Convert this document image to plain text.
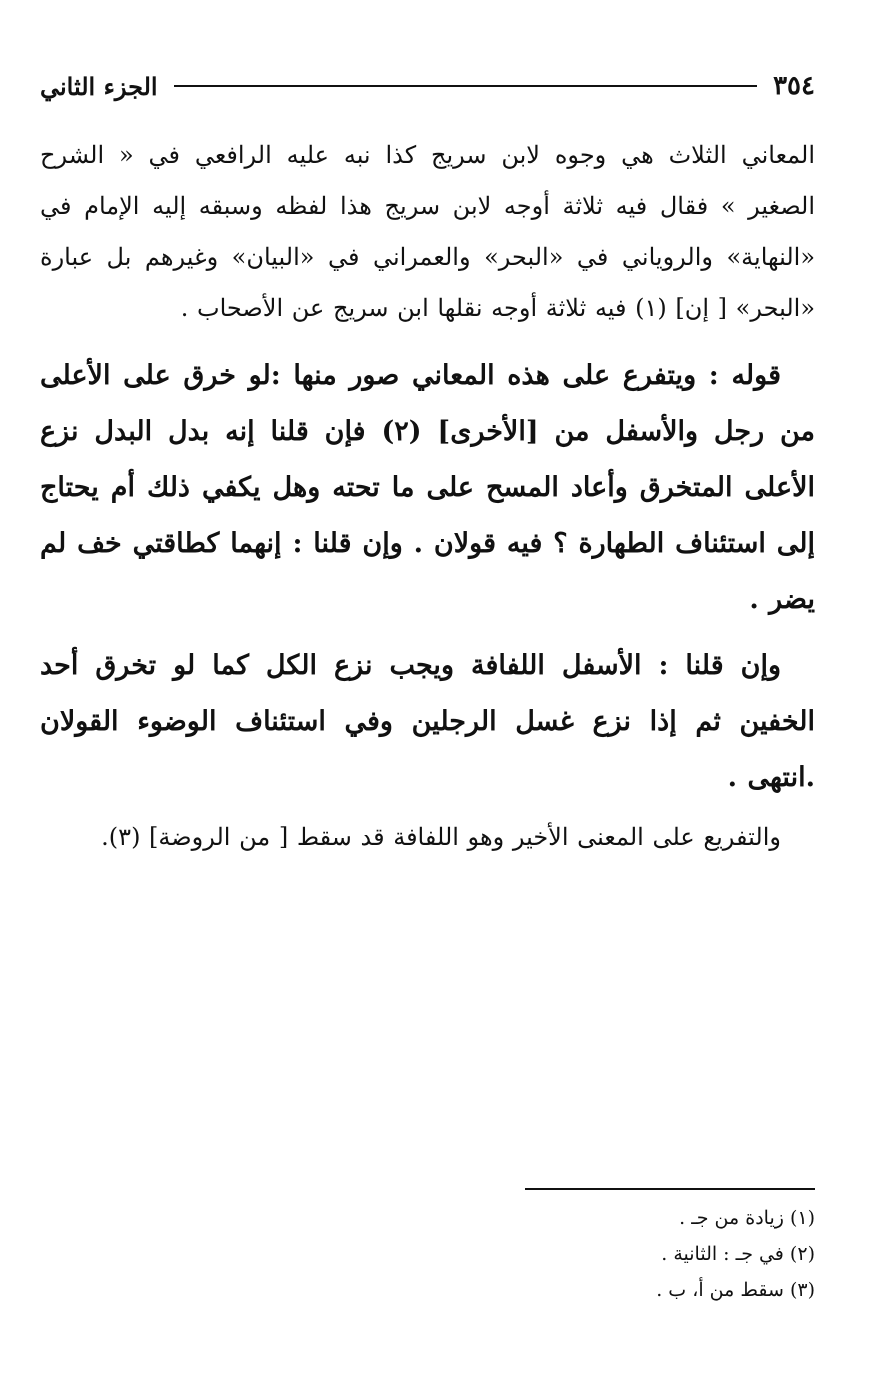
٣٥٤
الجزء الثاني

المعاني الثلاث هي وجوه لابن سريج كذا نبه عليه الرافعي في « الشرح الصغير » فقال فيه ثلاثة أوجه لابن سريج هذا لفظه وسبقه إليه الإمام في «النهاية» والروياني في «البحر» والعمراني في «البيان» وغيرهم بل عبارة «البحر» [ إن] (١) فيه ثلاثة أوجه نقلها ابن سريج عن الأصحاب .

قوله : ويتفرع على هذه المعاني صور منها :لو خرق على الأعلى من رجل والأسفل من [الأخرى] (٢) فإن قلنا إنه بدل البدل نزع الأعلى المتخرق وأعاد المسح على ما تحته وهل يكفي ذلك أم يحتاج إلى استئناف الطهارة ؟ فيه قولان . وإن قلنا : إنهما كطاقتي خف لم يضر .

وإن قلنا : الأسفل اللفافة ويجب نزع الكل كما لو تخرق أحد الخفين ثم إذا نزع غسل الرجلين وفي استئناف الوضوء القولان .انتهى .

والتفريع على المعنى الأخير وهو اللفافة قد سقط [ من الروضة] (٣).

(١) زيادة من جـ .

(٢) في جـ : الثانية .

(٣) سقط من أ، ب .
